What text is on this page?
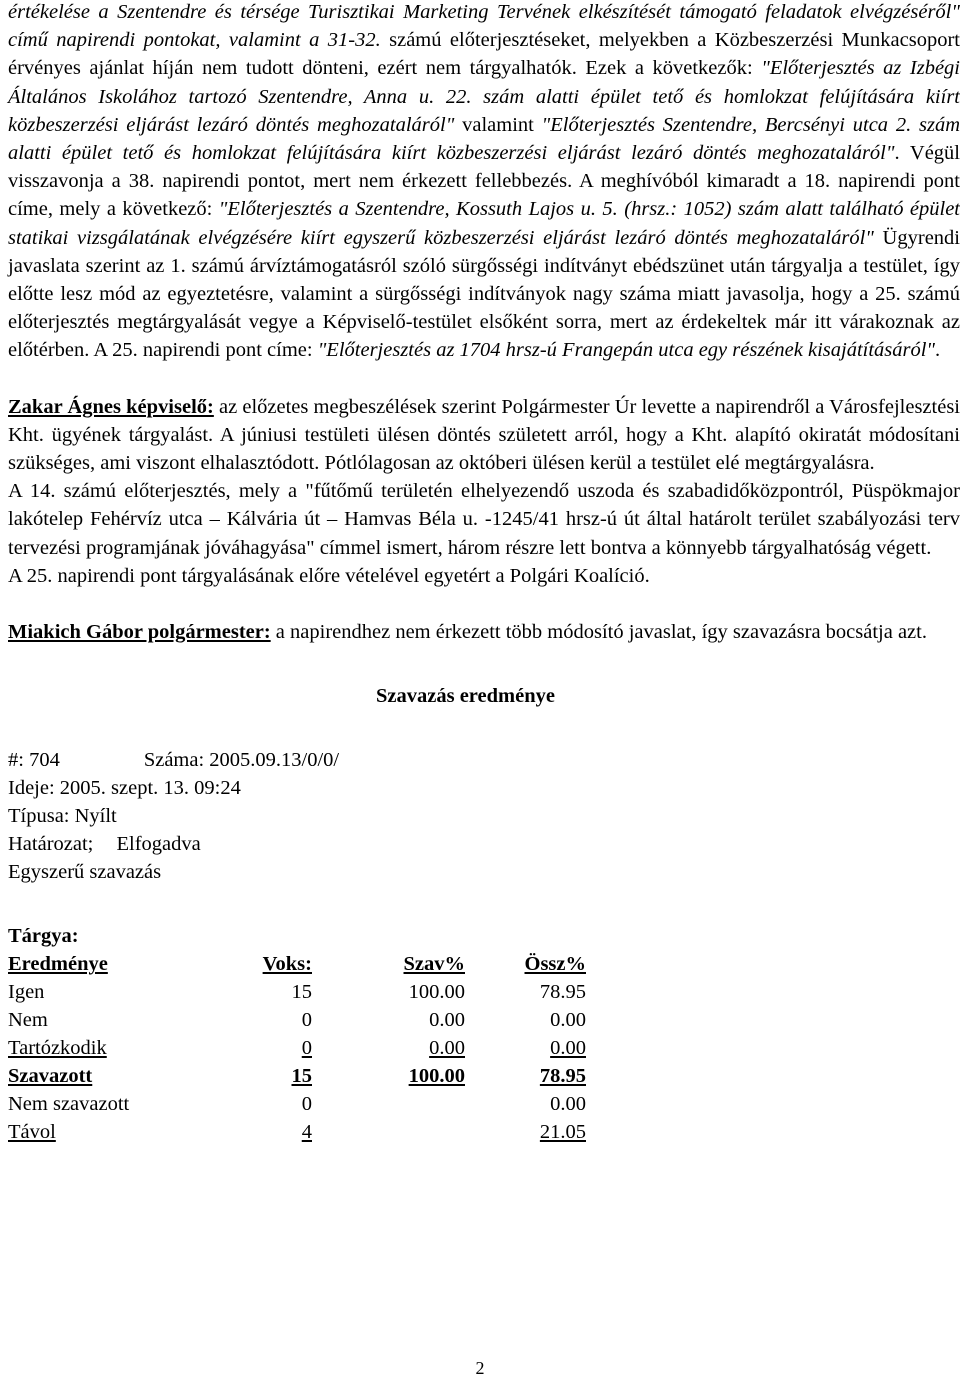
értékelése a Szentendre és térsége Turisztikai Marketing Tervének elkészítését támogató feladatok elvégzéséről" című napirendi pontokat, valamint a 31-32. számú előterjesztéseket, melyekben a Közbeszerzési Munkacsoport érvényes ajánlat híján nem tudott dönteni, ezért nem tárgyalhatók. Ezek a következők: "Előterjesztés az Izbégi Általános Iskolához tartozó Szentendre, Anna u. 22. szám alatti épület tető és homlokzat felújítására kiírt közbeszerzési eljárást lezáró döntés meghozataláról" valamint "Előterjesztés Szentendre, Bercsényi utca 2. szám alatti épület tető és homlokzat felújítására kiírt közbeszerzési eljárást lezáró döntés meghozataláról". Végül visszavonja a 38. napirendi pontot, mert nem érkezett fellebbezés. A meghívóból kimaradt a 18. napirendi pont címe, mely a következő: "Előterjesztés a Szentendre, Kossuth Lajos u. 5. (hrsz.: 1052) szám alatt található épület statikai vizsgálatának elvégzésére kiírt egyszerű közbeszerzési eljárást lezáró döntés meghozataláról" Ügyrendi javaslata szerint az 1. számú árvíztámogatásról szóló sürgősségi indítványt ebédszünet után tárgyalja a testület, így előtte lesz mód az egyeztetésre, valamint a sürgősségi indítványok nagy száma miatt javasolja, hogy a 25. számú előterjesztés megtárgyalását vegye a Képviselő-testület elsőként sorra, mert az érdekeltek már itt várakoznak az előtérben. A 25. napirendi pont címe: "Előterjesztés az 1704 hrsz-ú Frangepán utca egy részének kisajátításáról".

Zakar Ágnes képviselő: az előzetes megbeszélések szerint Polgármester Úr levette a napirendről a Városfejlesztési Kht. ügyének tárgyalást. A júniusi testületi ülésen döntés született arról, hogy a Kht. alapító okiratát módosítani szükséges, ami viszont elhalasztódott. Pótlólagosan az októberi ülésen kerül a testület elé megtárgyalásra.

A 14. számú előterjesztés, mely a "fűtőmű területén elhelyezendő uszoda és szabadidőközpontról, Püspökmajor lakótelep Fehérvíz utca – Kálvária út – Hamvas Béla u. -1245/41 hrsz-ú út által határolt terület szabályozási terv tervezési programjának jóváhagyása" címmel ismert, három részre lett bontva a könnyebb tárgyalhatóság végett.

A 25. napirendi pont tárgyalásának előre vételével egyetért a Polgári Koalíció.

Miakich Gábor polgármester: a napirendhez nem érkezett több módosító javaslat, így szavazásra bocsátja azt.

Szavazás eredménye
#: 704	Száma: 2005.09.13/0/0/
Ideje: 2005. szept. 13. 09:24
Típusa: Nyílt
Határozat; Elfogadva
Egyszerű szavazás
Tárgya:
Eredménye	Voks:	Szav%	Össz%
Igen	15	100.00	78.95
Nem	0	0.00	0.00
Tartózkodik	0	0.00	0.00
Szavazott	15	100.00	78.95
Nem szavazott	0		0.00
Távol	4		21.05
2
